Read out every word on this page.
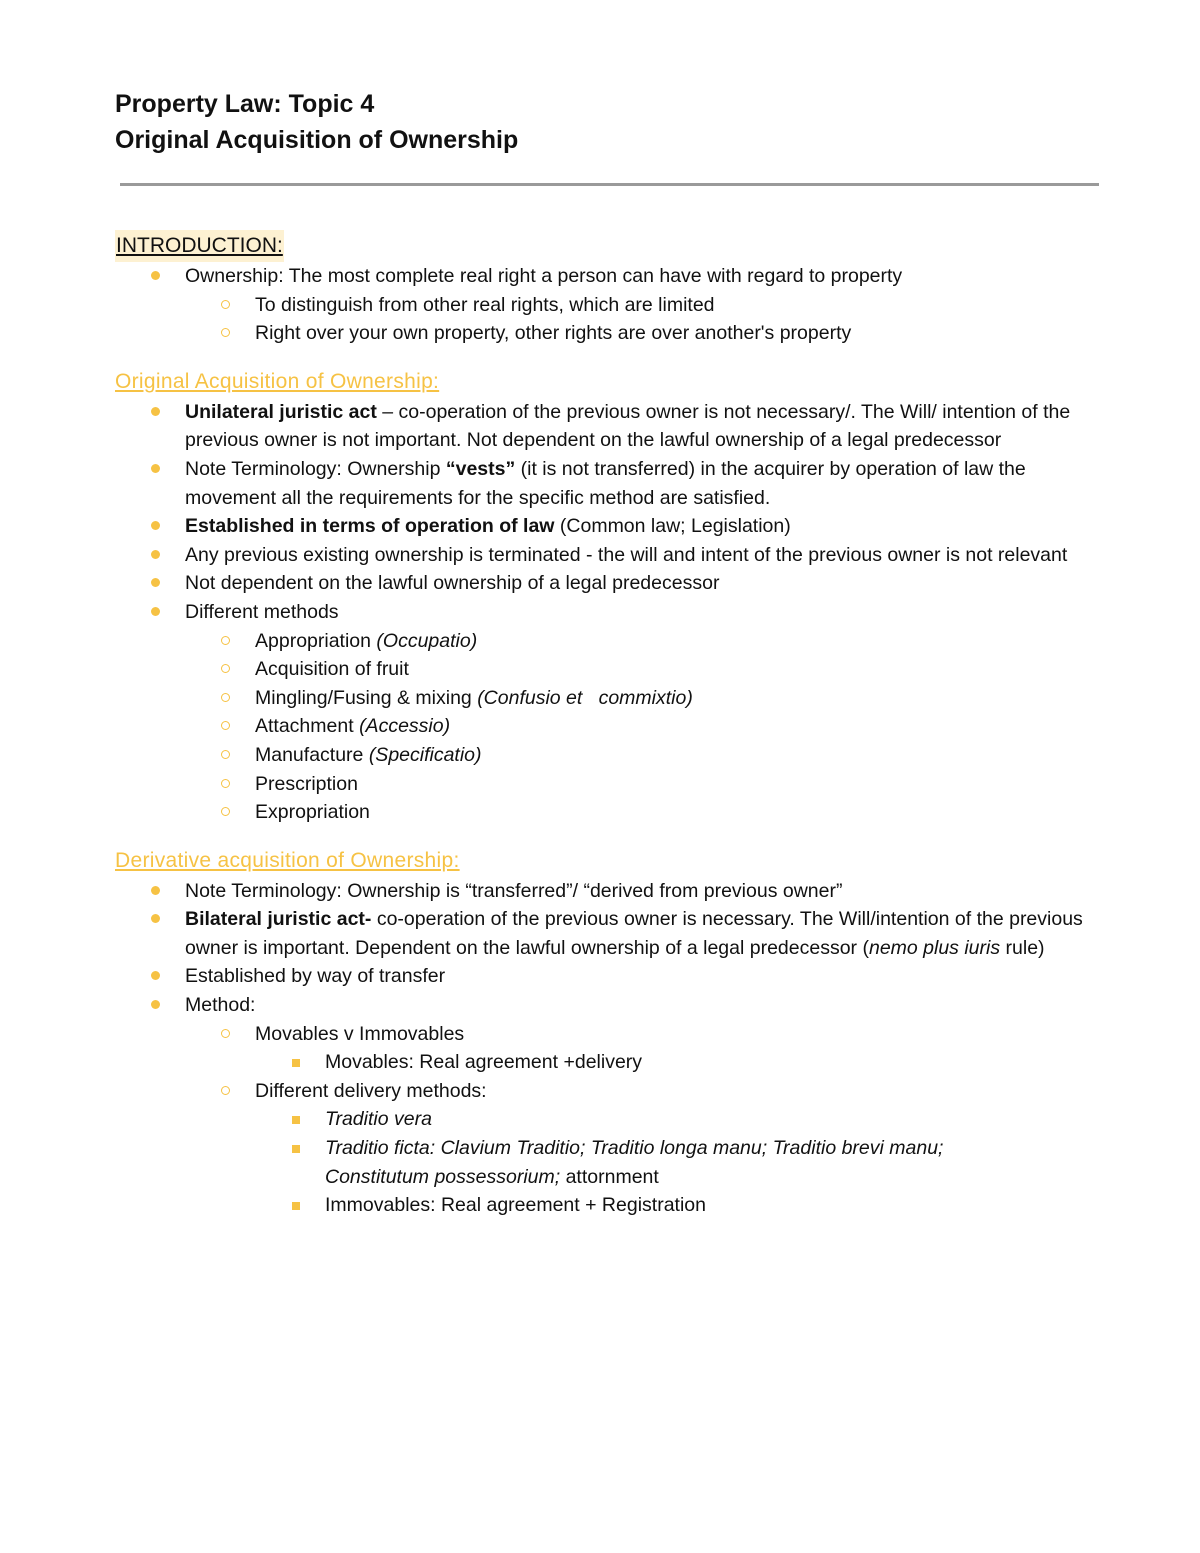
Property Law: Topic 4
Original Acquisition of Ownership
INTRODUCTION:
Ownership: The most complete real right a person can have with regard to property
To distinguish from other real rights, which are limited
Right over your own property, other rights are over another's property
Original Acquisition of Ownership:
Unilateral juristic act – co-operation of the previous owner is not necessary/. The Will/ intention of the previous owner is not important. Not dependent on the lawful ownership of a legal predecessor
Note Terminology: Ownership “vests” (it is not transferred) in the acquirer by operation of law the movement all the requirements for the specific method are satisfied.
Established in terms of operation of law (Common law; Legislation)
Any previous existing ownership is terminated - the will and intent of the previous owner is not relevant
Not dependent on the lawful ownership of a legal predecessor
Different methods
Appropriation (Occupatio)
Acquisition of fruit
Mingling/Fusing & mixing (Confusio et   commixtio)
Attachment (Accessio)
Manufacture (Specificatio)
Prescription
Expropriation
Derivative acquisition of Ownership:
Note Terminology: Ownership is “transferred”/ “derived from previous owner”
Bilateral juristic act- co-operation of the previous owner is necessary. The Will/intention of the previous owner is important. Dependent on the lawful ownership of a legal predecessor (nemo plus iuris rule)
Established by way of transfer
Method:
Movables v Immovables
Movables: Real agreement +delivery
Different delivery methods:
Traditio vera
Traditio ficta: Clavium Traditio; Traditio longa manu; Traditio brevi manu; Constitutum possessorium; attornment
Immovables: Real agreement + Registration
